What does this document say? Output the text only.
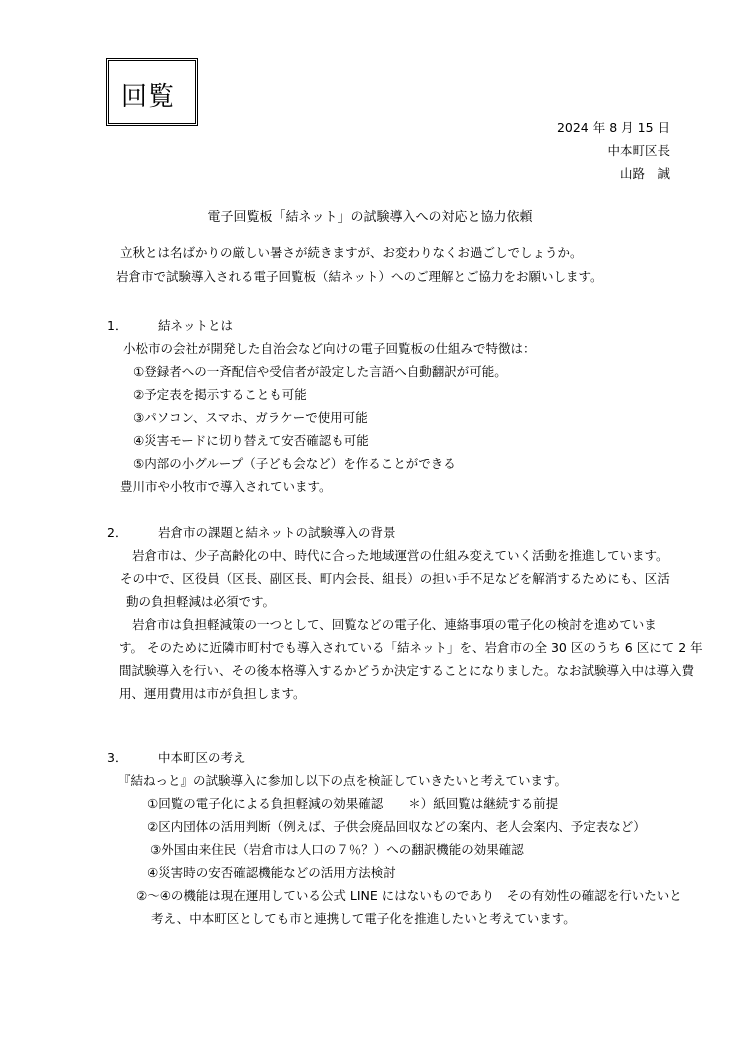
回覧
2024 年 8 月 15 日
中本町区長
山路　誠
電子回覧板「結ネット」の試験導入への対応と協力依頼
立秋とは名ばかりの厳しい暑さが続きますが、お変わりなくお過ごしでしょうか。
岩倉市で試験導入される電子回覧板（結ネット）へのご理解とご協力をお願いします。
1． 結ネットとは
小松市の会社が開発した自治会など向けの電子回覧板の仕組みで特徴は：
①登録者への一斉配信や受信者が設定した言語へ自動翻訳が可能。
②予定表を掲示することも可能
③パソコン、スマホ、ガラケーで使用可能
④災害モードに切り替えて安否確認も可能
⑤内部の小グループ（子ども会など）を作ることができる
豊川市や小牧市で導入されています。
2． 岩倉市の課題と結ネットの試験導入の背景
岩倉市は、少子高齢化の中、時代に合った地域運営の仕組み変えていく活動を推進しています。
その中で、区役員（区長、副区長、町内会長、組長）の担い手不足などを解消するためにも、区活
動の負担軽減は必須です。
岩倉市は負担軽減策の一つとして、回覧などの電子化、連絡事項の電子化の検討を進めていま
す。 そのために近隣市町村でも導入されている「結ネット」を、岩倉市の全 30 区のうち 6 区にて 2 年
間試験導入を行い、その後本格導入するかどうか決定することになりました。なお試験導入中は導入費
用、運用費用は市が負担します。
3． 中本町区の考え
『結ねっと』の試験導入に参加し以下の点を検証していきたいと考えています。
①回覧の電子化による負担軽減の効果確認　　＊）紙回覧は継続する前提
②区内団体の活用判断（例えば、子供会廃品回収などの案内、老人会案内、予定表など）
③外国由来住民（岩倉市は人口の７％？）への翻訳機能の効果確認
④災害時の安否確認機能などの活用方法検討
②～④の機能は現在運用している公式 LINE にはないものであり　その有効性の確認を行いたいと
考え、中本町区としても市と連携して電子化を推進したいと考えています。
